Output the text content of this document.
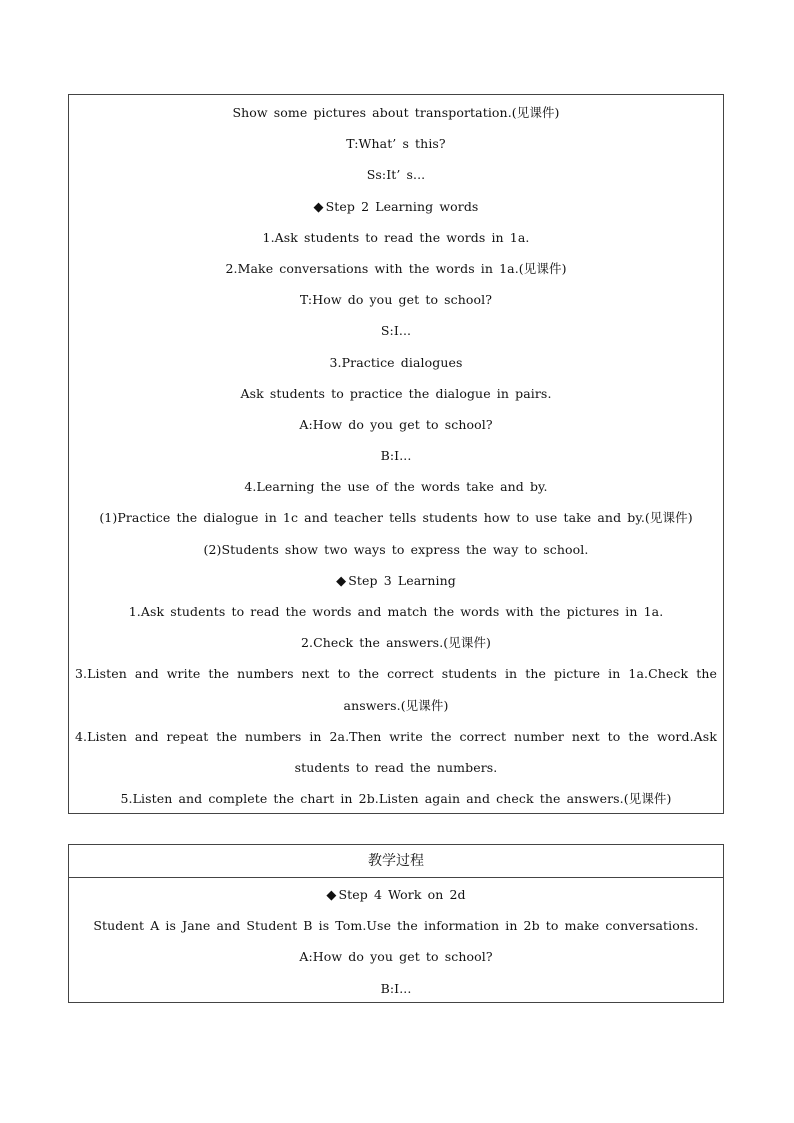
Show some pictures about transportation.(见课件)
T:What’ s this?
Ss:It’ s...
◆ Step 2 Learning words
1.Ask students to read the words in 1a.
2.Make conversations with the words in 1a.(见课件)
T:How do you get to school?
S:I...
3.Practice dialogues
Ask students to practice the dialogue in pairs.
A:How do you get to school?
B:I...
4.Learning the use of the words take and by.
(1)Practice the dialogue in 1c and teacher tells students how to use take and by.(见课件)
(2)Students show two ways to express the way to school.
◆ Step 3 Learning
1.Ask students to read the words and match the words with the pictures in 1a.
2.Check the answers.(见课件)
3.Listen and write the numbers next to the correct students in the picture in 1a.Check the answers.(见课件)
4.Listen and repeat the numbers in 2a.Then write the correct number next to the word.Ask students to read the numbers.
5.Listen and complete the chart in 2b.Listen again and check the answers.(见课件)
教学过程
◆ Step 4 Work on 2d
Student A is Jane and Student B is Tom.Use the information in 2b to make conversations.
A:How do you get to school?
B:I...
